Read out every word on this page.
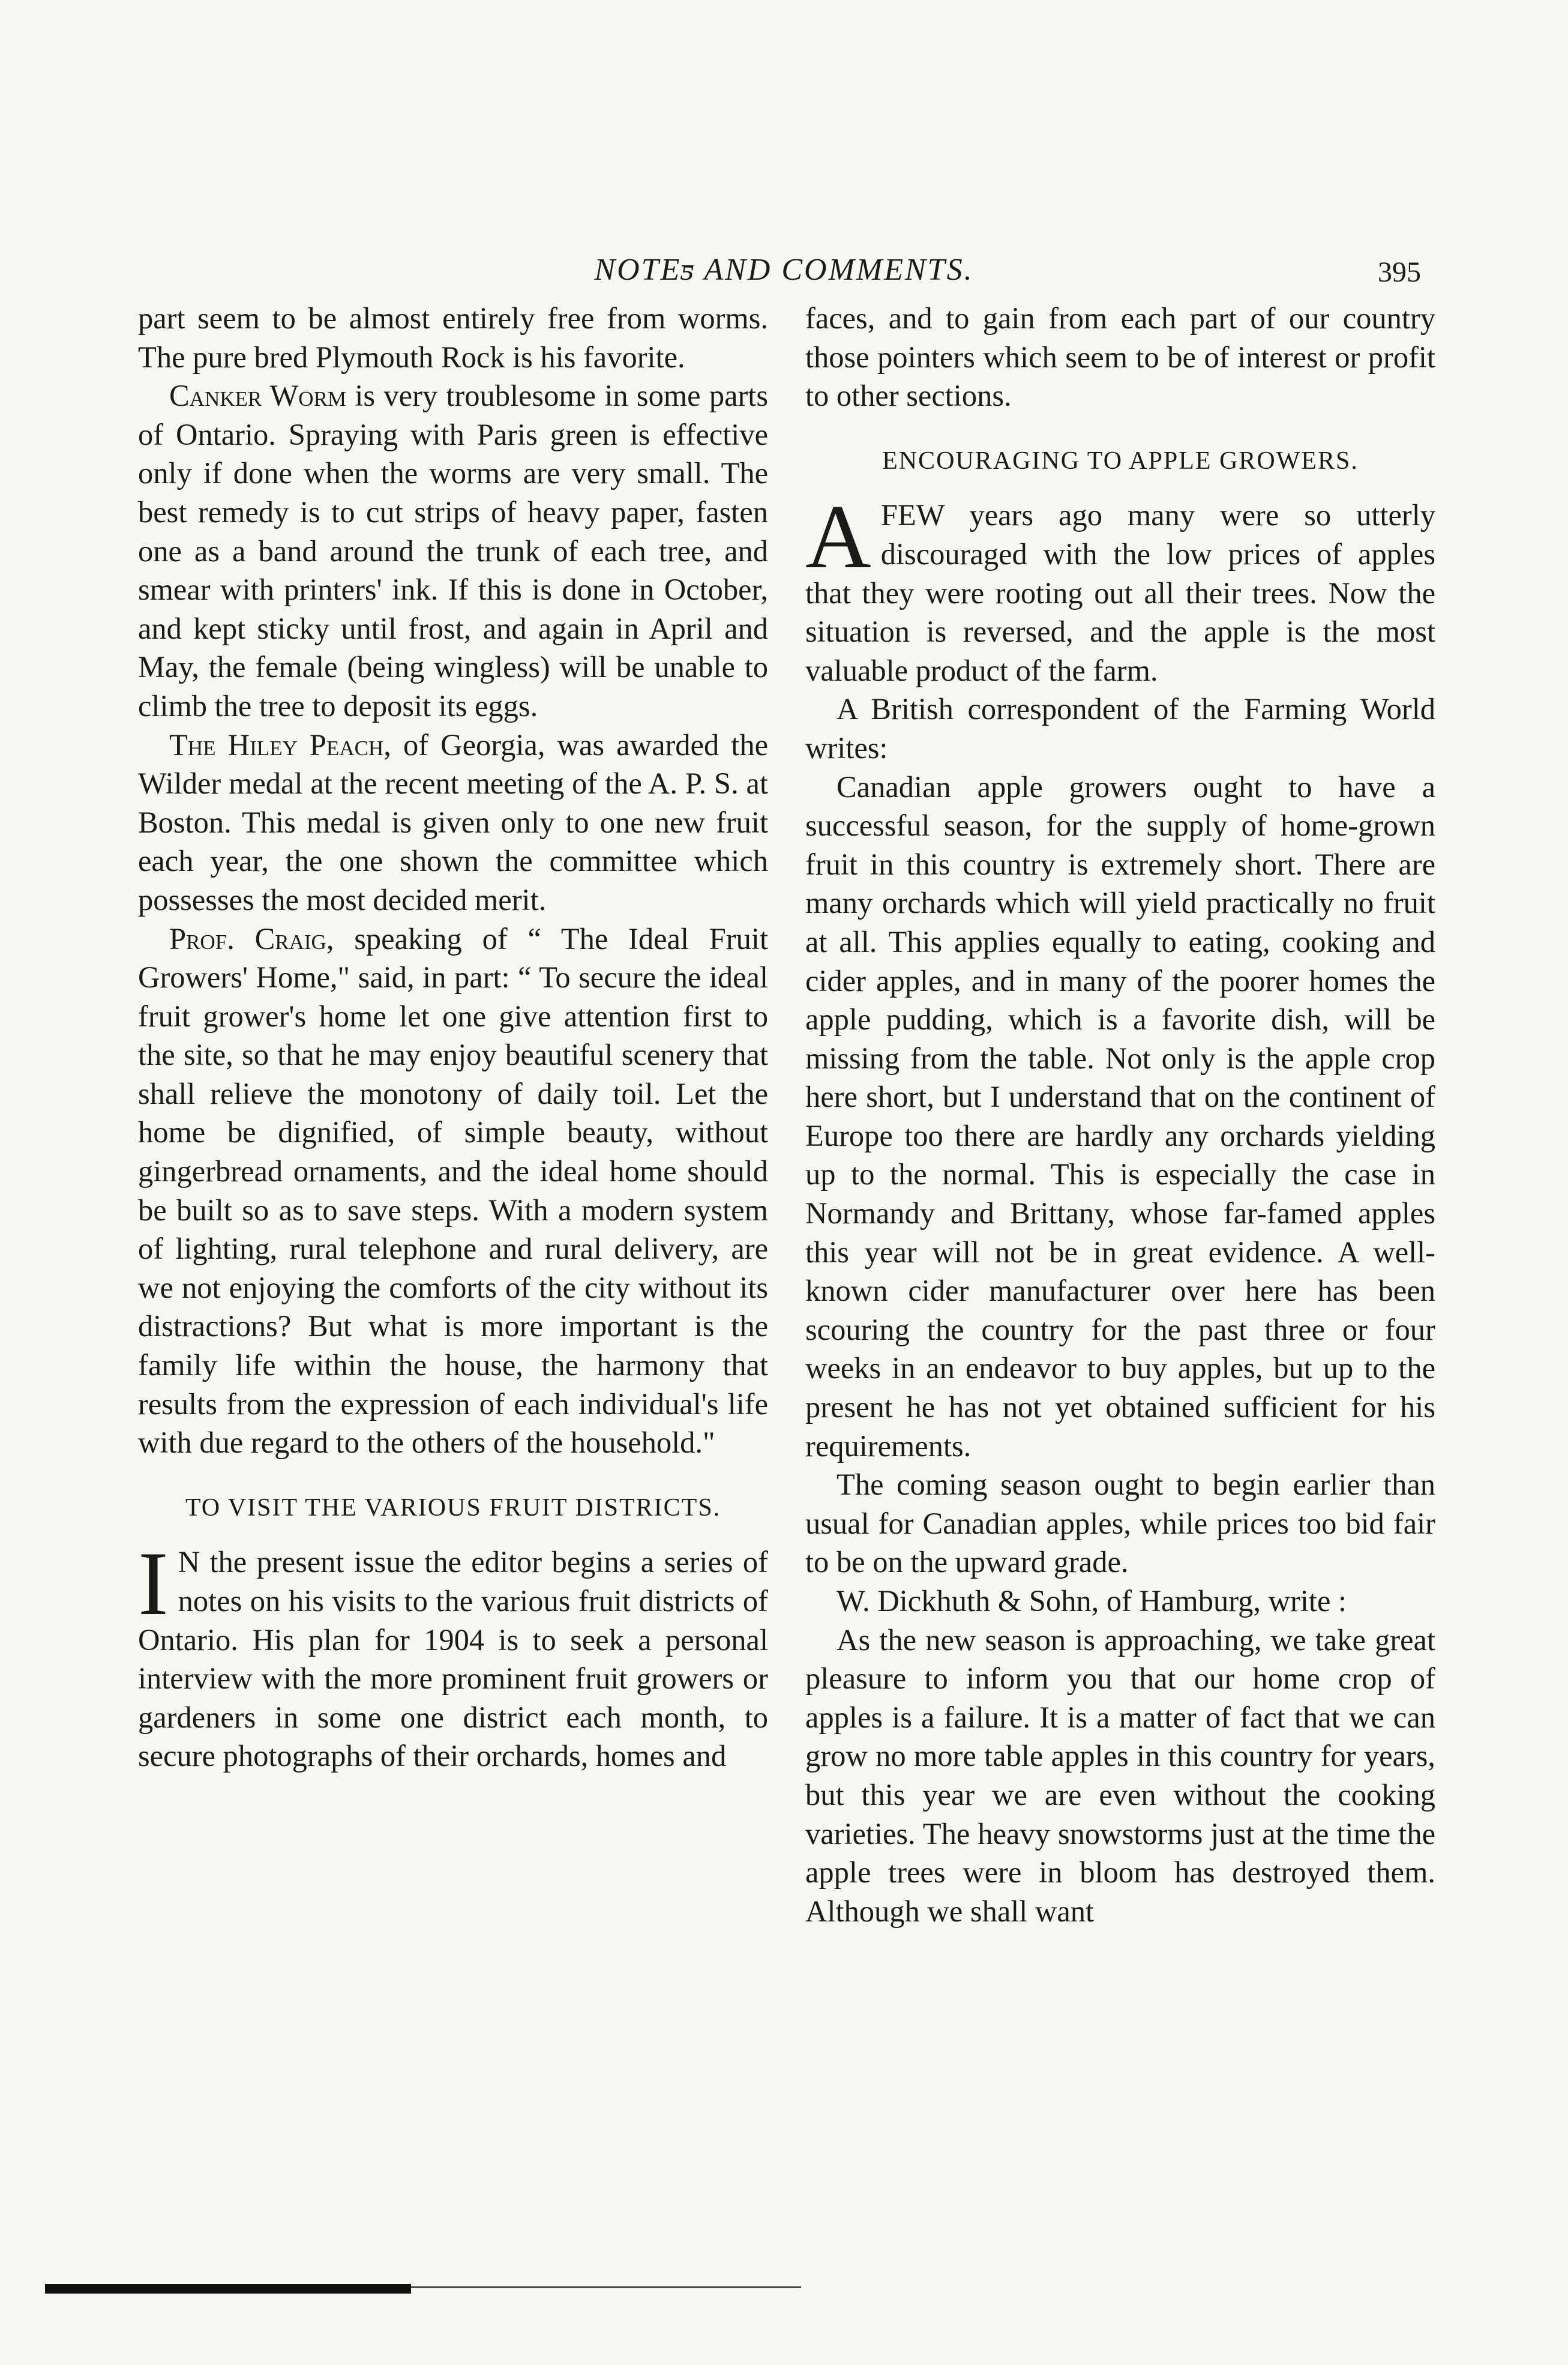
NOTEƽ AND COMMENTS.	395

part seem to be almost entirely free from worms. The pure bred Plymouth Rock is his favorite.

Canker Worm is very troublesome in some parts of Ontario. Spraying with Paris green is effective only if done when the worms are very small. The best remedy is to cut strips of heavy paper, fasten one as a band around the trunk of each tree, and smear with printers' ink. If this is done in October, and kept sticky until frost, and again in April and May, the female (being wingless) will be unable to climb the tree to deposit its eggs.

The Hiley Peach, of Georgia, was awarded the Wilder medal at the recent meeting of the A. P. S. at Boston. This medal is given only to one new fruit each year, the one shown the committee which possesses the most decided merit.

Prof. Craig, speaking of “ The Ideal Fruit Growers' Home," said, in part: “ To secure the ideal fruit grower's home let one give attention first to the site, so that he may enjoy beautiful scenery that shall relieve the monotony of daily toil. Let the home be dignified, of simple beauty, without gingerbread ornaments, and the ideal home should be built so as to save steps. With a modern system of lighting, rural telephone and rural delivery, are we not enjoying the comforts of the city without its distractions? But what is more important is the family life within the house, the harmony that results from the expression of each individual's life with due regard to the others of the household."

TO VISIT THE VARIOUS FRUIT DISTRICTS.

I N the present issue the editor begins a series of notes on his visits to the various fruit districts of Ontario. His plan for 1904 is to seek a personal interview with the more prominent fruit growers or gardeners in some one district each month, to secure photographs of their orchards, homes and

faces, and to gain from each part of our country those pointers which seem to be of interest or profit to other sections.

ENCOURAGING TO APPLE GROWERS.

A FEW years ago many were so utterly discouraged with the low prices of apples that they were rooting out all their trees. Now the situation is reversed, and the apple is the most valuable product of the farm.

A British correspondent of the Farming World writes:

Canadian apple growers ought to have a successful season, for the supply of home-grown fruit in this country is extremely short. There are many orchards which will yield practically no fruit at all. This applies equally to eating, cooking and cider apples, and in many of the poorer homes the apple pudding, which is a favorite dish, will be missing from the table. Not only is the apple crop here short, but I understand that on the continent of Europe too there are hardly any orchards yielding up to the normal. This is especially the case in Normandy and Brittany, whose far-famed apples this year will not be in great evidence. A well-known cider manufacturer over here has been scouring the country for the past three or four weeks in an endeavor to buy apples, but up to the present he has not yet obtained sufficient for his requirements.

The coming season ought to begin earlier than usual for Canadian apples, while prices too bid fair to be on the upward grade.

W. Dickhuth & Sohn, of Hamburg, write :

As the new season is approaching, we take great pleasure to inform you that our home crop of apples is a failure. It is a matter of fact that we can grow no more table apples in this country for years, but this year we are even without the cooking varieties. The heavy snowstorms just at the time the apple trees were in bloom has destroyed them. Although we shall want
